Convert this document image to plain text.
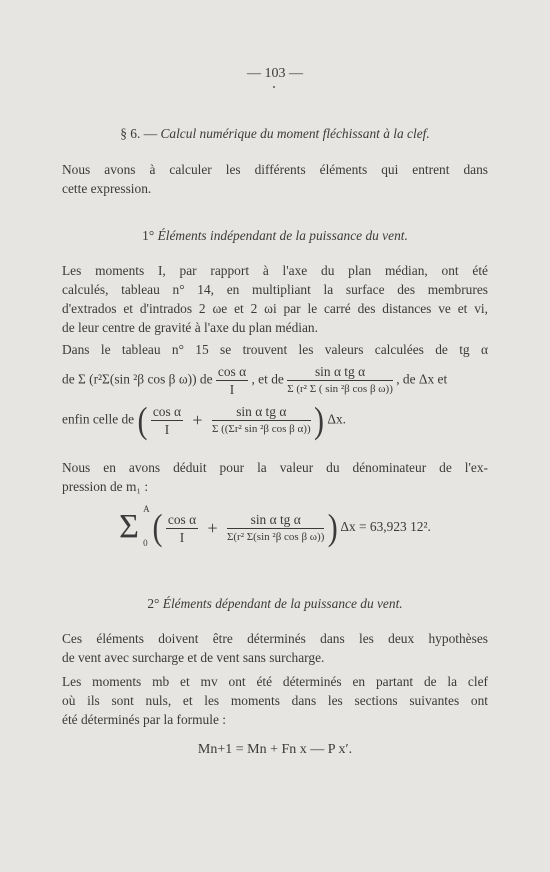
— 103 —
§ 6. — Calcul numérique du moment fléchissant à la clef.
Nous avons à calculer les différents éléments qui entrent dans
cette expression.
1° Éléments indépendant de la puissance du vent.
Les moments I, par rapport à l'axe du plan médian, ont été
calculés, tableau n° 14, en multipliant la surface des membrures
d'extrados et d'intrados 2 ωe et 2 ωi par le carré des distances ve et vi,
de leur centre de gravité à l'axe du plan médian.
Dans le tableau n° 15 se trouvent les valeurs calculées de tg α
de Σ (r²Σ(sin ²β cos β ω)) de $\frac{\text{cos α}}{I}$ , et de $\frac{\text{sin α tg α}}{\text{Σ (r² Σ ( sin ²β cos β ω))}}$ , de Δx et
enfin celle de ( $\frac{\text{cos α}}{I} + \frac{\text{sin α tg α}}{\text{Σ ((Σr² sin ²β cos β α))}}$ ) Δx.
Nous en avons déduit pour la valeur du dénominateur de l'ex-
pression de m₁ :
Σ A
0 ( $\frac{\text{cos α}}{I} + \frac{\text{sin α tg α}}{\text{Σ(r² Σ(sin ²β cos β ω))}}$ ) Δx = 63,923 12².
2° Éléments dépendant de la puissance du vent.
Ces éléments doivent être déterminés dans les deux hypothèses
de vent avec surcharge et de vent sans surcharge.
Les moments mb et mv ont été déterminés en partant de la clef
où ils sont nuls, et les moments dans les sections suivantes ont
été déterminés par la formule :
Mn+1 = Mn + Fn x — P x′.
